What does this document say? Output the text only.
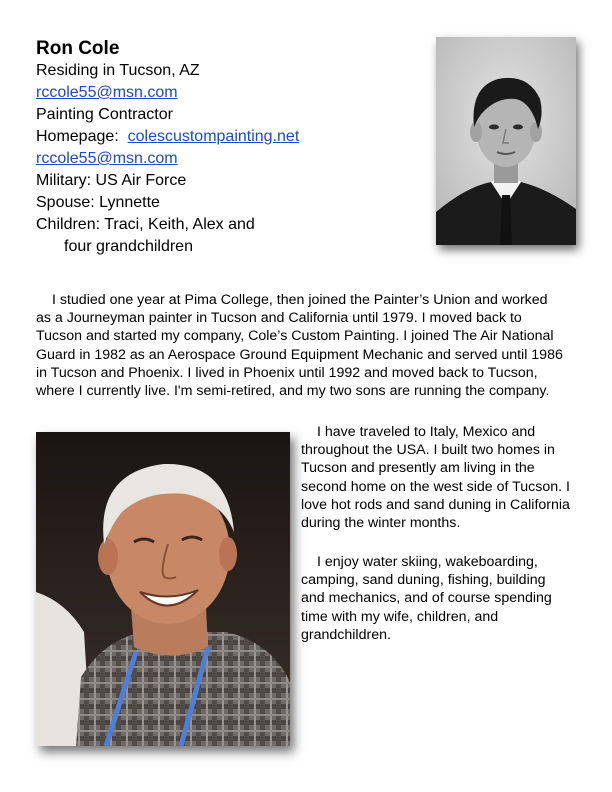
Ron Cole
Residing in Tucson, AZ
rccole55@msn.com
Painting Contractor
Homepage: colescustompainting.net
rccole55@msn.com
Military: US Air Force
Spouse: Lynnette
Children: Traci, Keith, Alex and
four grandchildren

I studied one year at Pima College, then joined the Painter’s Union and worked as a Journeyman painter in Tucson and California until 1979. I moved back to Tucson and started my company, Cole’s Custom Painting. I joined The Air National Guard in 1982 as an Aerospace Ground Equipment Mechanic and served until 1986 in Tucson and Phoenix. I lived in Phoenix until 1992 and moved back to Tucson, where I currently live. I'm semi-retired, and my two sons are running the company.

I have traveled to Italy, Mexico and throughout the USA. I built two homes in Tucson and presently am living in the second home on the west side of Tucson. I love hot rods and sand duning in California during the winter months.

I enjoy water skiing, wakeboarding, camping, sand duning, fishing, building and mechanics, and of course spending time with my wife, children, and grandchildren.
